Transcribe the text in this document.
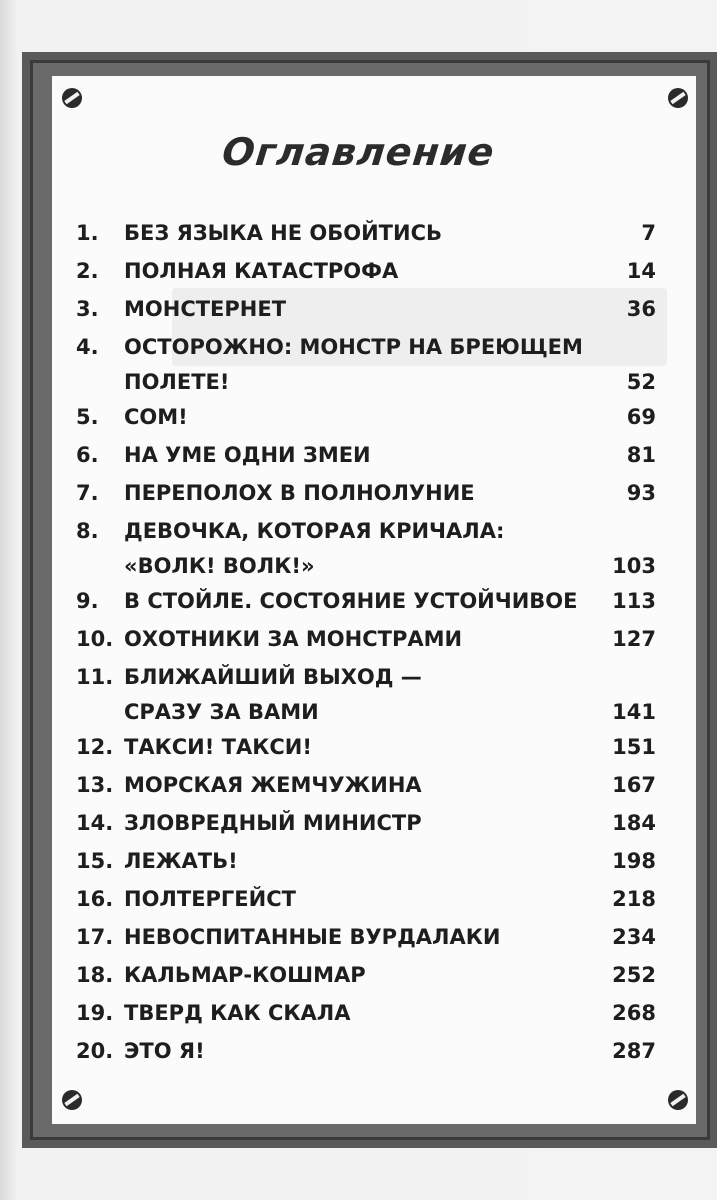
Оглавление
1. БЕЗ ЯЗЫКА НЕ ОБОЙТИСЬ	7
2. ПОЛНАЯ КАТАСТРОФА	14
3. МОНСТЕРНЕТ	36
4. ОСТОРОЖНО: МОНСТР НА БРЕЮЩЕМ
ПОЛЕТЕ!	52
5. СОМ!	69
6. НА УМЕ ОДНИ ЗМЕИ	81
7. ПЕРЕПОЛОХ В ПОЛНОЛУНИЕ	93
8. ДЕВОЧКА, КОТОРАЯ КРИЧАЛА:
«ВОЛК! ВОЛК!»	103
9. В СТОЙЛЕ. СОСТОЯНИЕ УСТОЙЧИВОЕ 113
10. ОХОТНИКИ ЗА МОНСТРАМИ	127
11. БЛИЖАЙШИЙ ВЫХОД —
СРАЗУ ЗА ВАМИ	141
12. ТАКСИ! ТАКСИ!	151
13. МОРСКАЯ ЖЕМЧУЖИНА	167
14. ЗЛОВРЕДНЫЙ МИНИСТР	184
15. ЛЕЖАТЬ!	198
16. ПОЛТЕРГЕЙСТ	218
17. НЕВОСПИТАННЫЕ ВУРДАЛАКИ	234
18. КАЛЬМАР-КОШМАР	252
19. ТВЕРД КАК СКАЛА	268
20. ЭТО Я!	287
